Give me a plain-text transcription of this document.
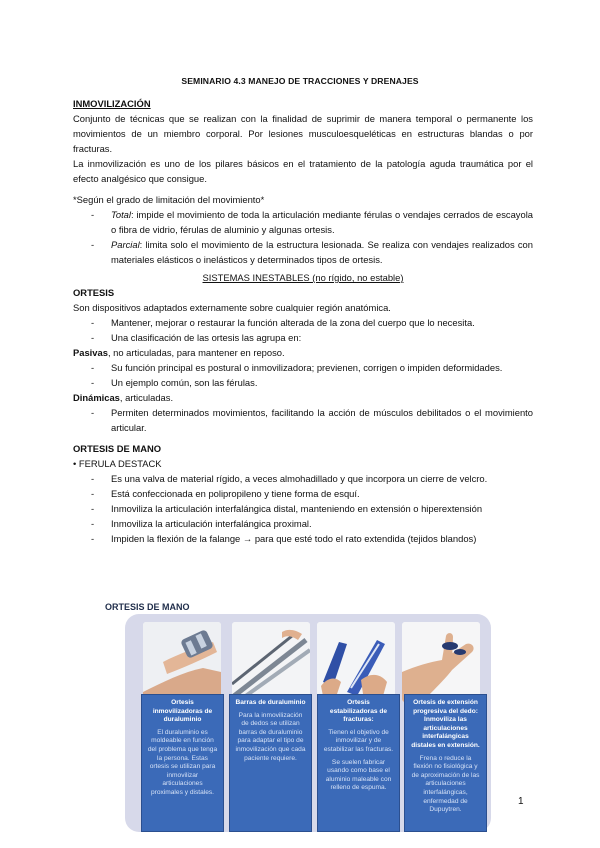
SEMINARIO 4.3 MANEJO DE TRACCIONES Y DRENAJES

INMOVILIZACIÓN

Conjunto de técnicas que se realizan con la finalidad de suprimir de manera temporal o permanente los movimientos de un miembro corporal. Por lesiones musculoesqueléticas en estructuras blandas o por fracturas.

La inmovilización es uno de los pilares básicos en el tratamiento de la patología aguda traumática por el efecto analgésico que consigue.

*Según el grado de limitación del movimiento*

- Total: impide el movimiento de toda la articulación mediante férulas o vendajes cerrados de escayola o fibra de vidrio, férulas de aluminio y algunas ortesis.
- Parcial: limita solo el movimiento de la estructura lesionada. Se realiza con vendajes realizados con materiales elásticos o inelásticos y determinados tipos de ortesis.

SISTEMAS INESTABLES (no rígido, no estable)

ORTESIS

Son dispositivos adaptados externamente sobre cualquier región anatómica.

- Mantener, mejorar o restaurar la función alterada de la zona del cuerpo que lo necesita.
- Una clasificación de las ortesis las agrupa en:

Pasivas, no articuladas, para mantener en reposo.

- Su función principal es postural o inmovilizadora; previenen, corrigen o impiden deformidades.
- Un ejemplo común, son las férulas.

Dinámicas, articuladas.

- Permiten determinados movimientos, facilitando la acción de músculos debilitados o el movimiento articular.

ORTESIS DE MANO

• FERULA DESTACK

- Es una valva de material rígido, a veces almohadillado y que incorpora un cierre de velcro.
- Está confeccionada en polipropileno y tiene forma de esquí.
- Inmoviliza la articulación interfalángica distal, manteniendo en extensión o hiperextensión
- Inmoviliza la articulación interfalángica proximal.
- Impiden la flexión de la falange → para que esté todo el rato extendida (tejidos blandos)
ORTESIS DE MANO
Ortesis inmovilizadoras de duraluminio
El duraluminio es moldeable en función del problema que tenga la persona. Estas ortesis se utilizan para inmovilizar articulaciones proximales y distales.
Barras de duraluminio
Para la inmovilización de dedos se utilizan barras de duraluminio para adaptar el tipo de inmovilización que cada paciente requiere.
Ortesis estabilizadoras de fracturas:
Tienen el objetivo de inmovilizar y de estabilizar las fracturas.
Se suelen fabricar usando como base el aluminio maleable con relleno de espuma.
Ortesis de extensión progresiva del dedo: Inmoviliza las articulaciones interfalángicas distales en extensión.
Frena o reduce la flexión no fisiológica y de aproximación de las articulaciones interfalángicas, enfermedad de Dupuytren.
1
